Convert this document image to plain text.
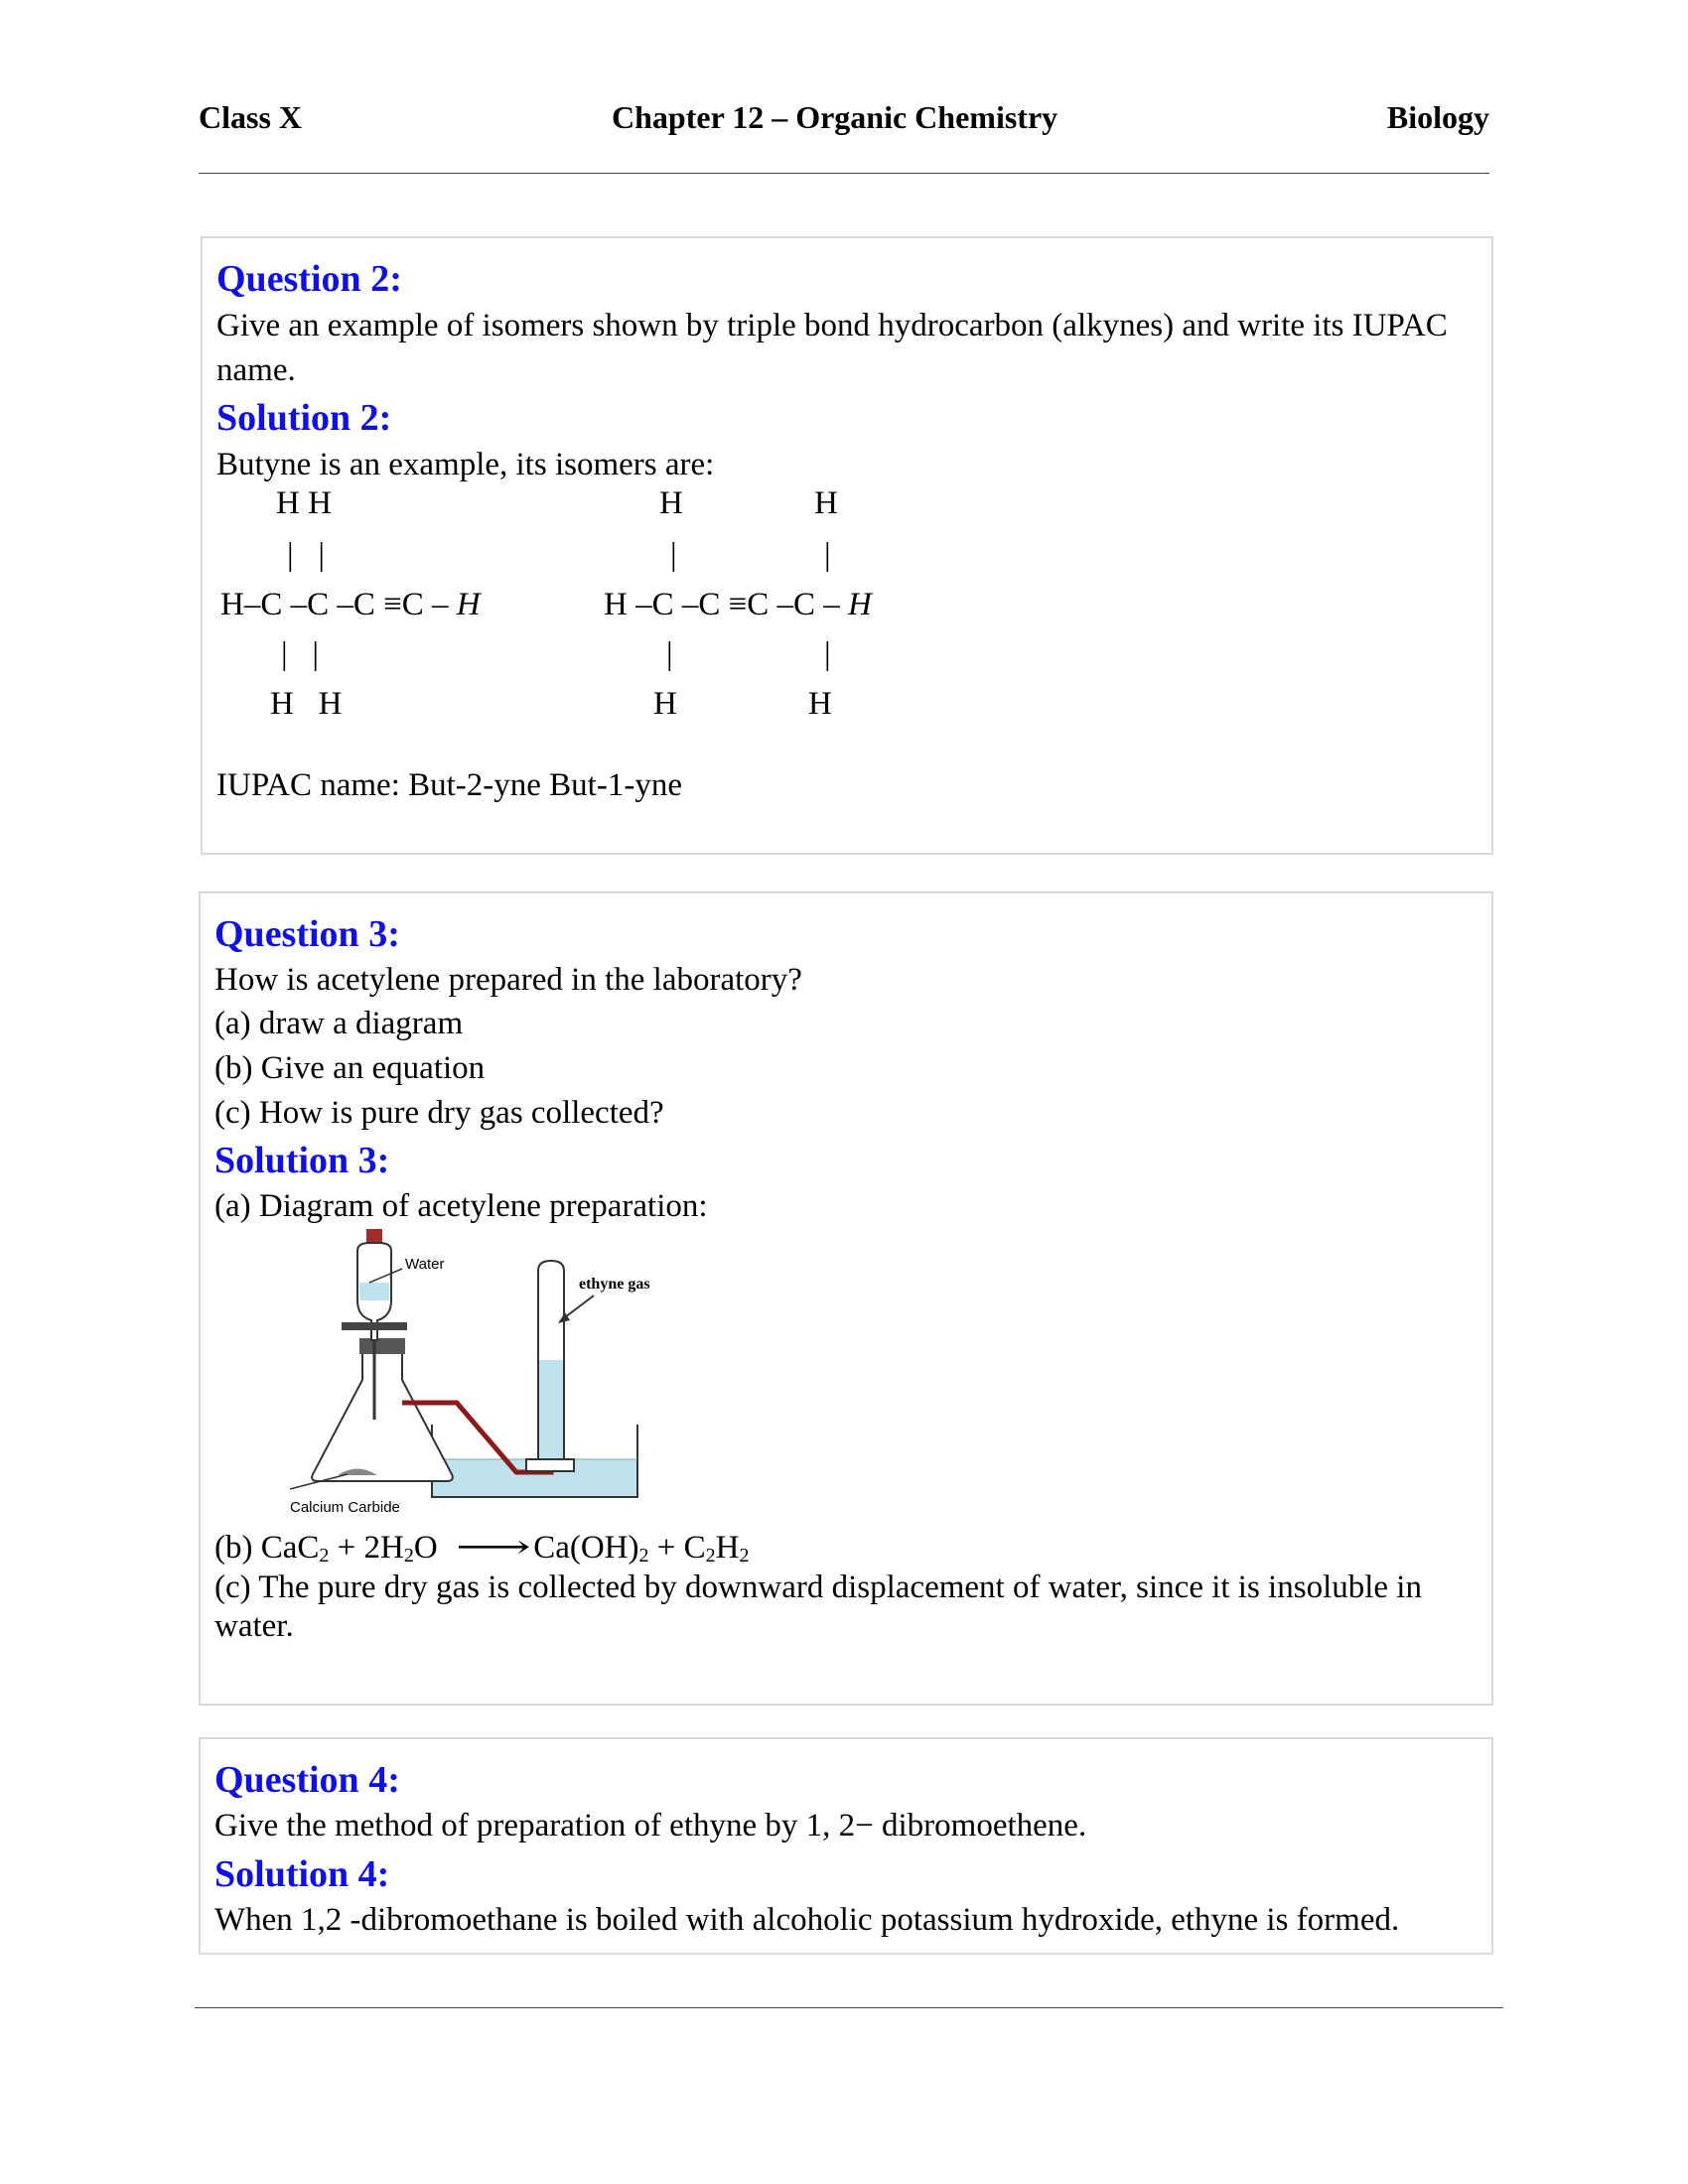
Class X	Chapter 12 – Organic Chemistry	Biology
Question 2:
Give an example of isomers shown by triple bond hydrocarbon (alkynes) and write its IUPAC
name.
Solution 2:
Butyne is an example, its isomers are:
H H
|   |
H–C –C –C ≡C – H
|   |
H   H
H	H
|	|
H –C –C ≡C –C – H
|	|
H	H
IUPAC name: But-2-yne But-1-yne
Question 3:
How is acetylene prepared in the laboratory?
(a) draw a diagram
(b) Give an equation
(c) How is pure dry gas collected?
Solution 3:
(a) Diagram of acetylene preparation:
Water
ethyne gas
Calcium Carbide
(b) $CaC_2 + 2H_2O$ ⟶ $Ca(OH)_2 + C_2H_2$
(c) The pure dry gas is collected by downward displacement of water, since it is insoluble in
water.
Question 4:
Give the method of preparation of ethyne by 1, 2− dibromoethene.
Solution 4:
When 1,2 -dibromoethane is boiled with alcoholic potassium hydroxide, ethyne is formed.
